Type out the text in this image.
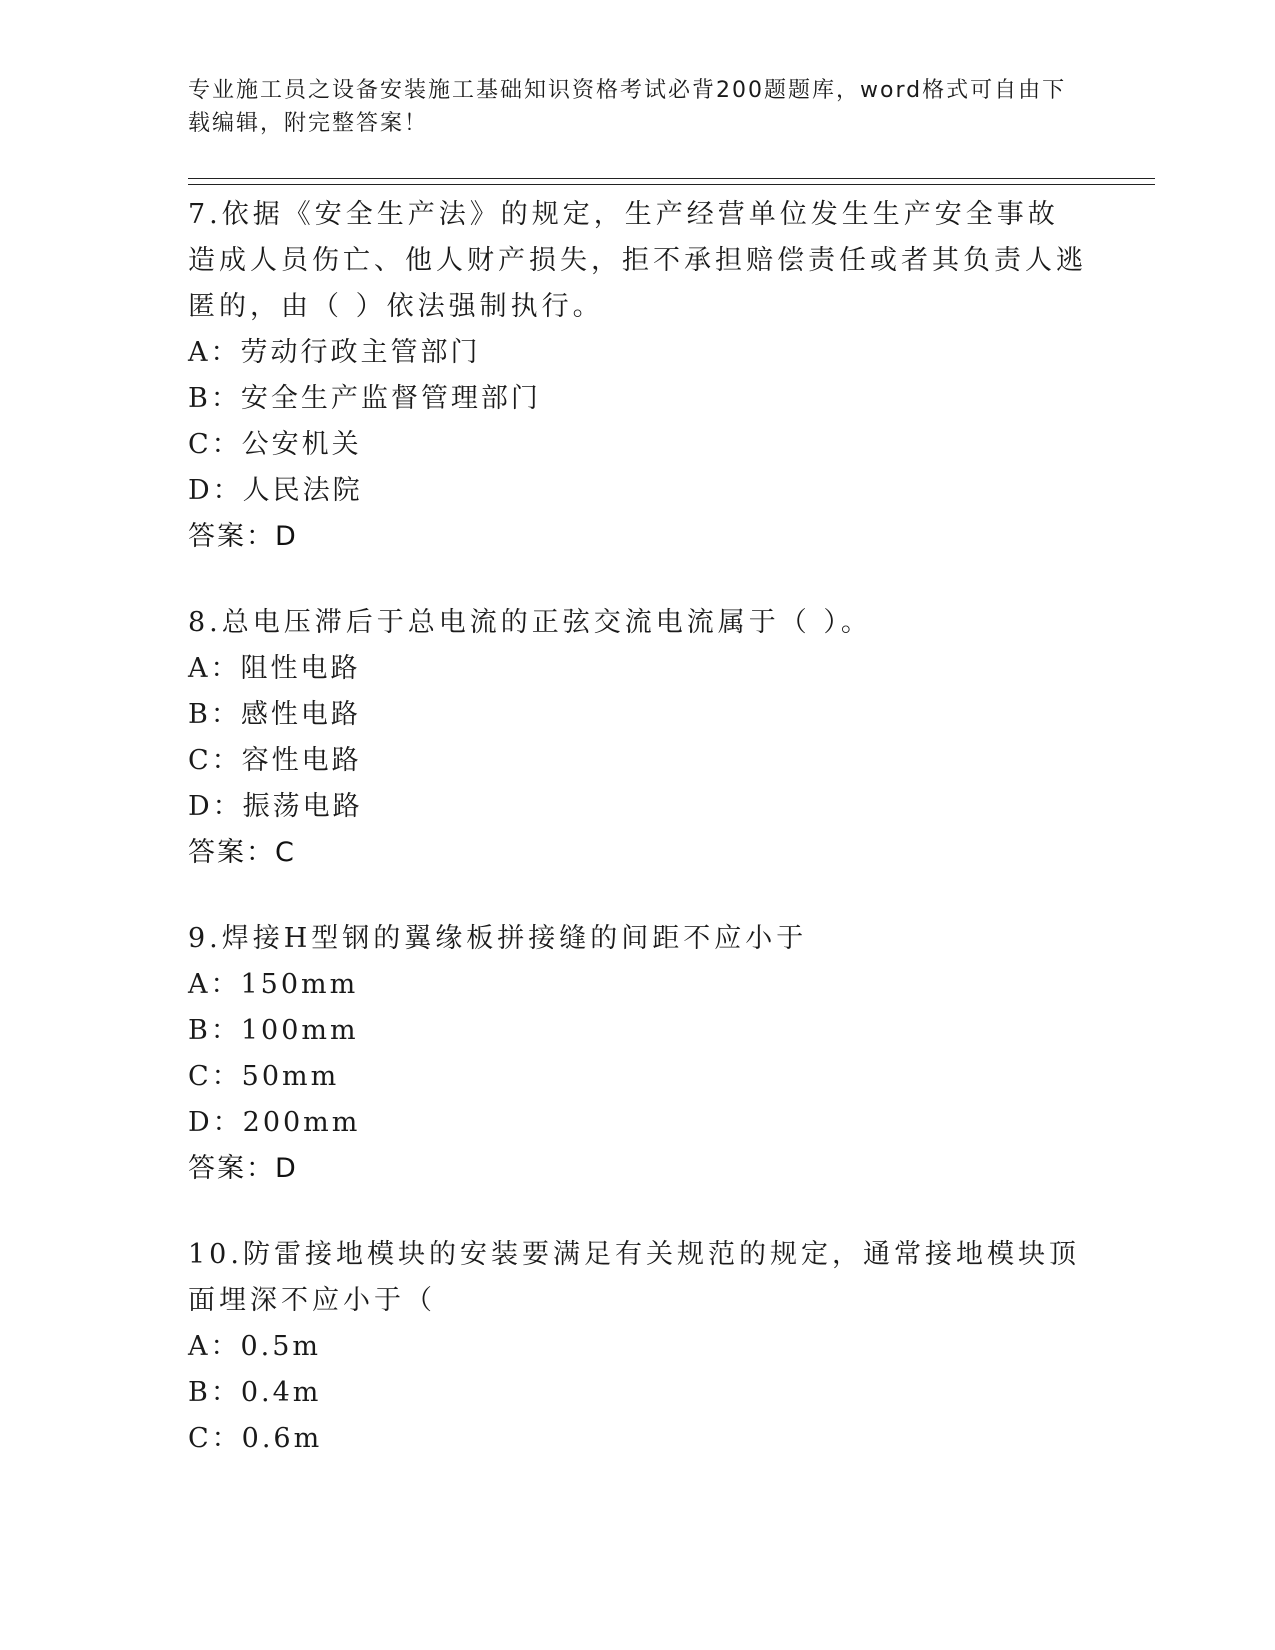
专业施工员之设备安装施工基础知识资格考试必背200题题库，word格式可自由下载编辑，附完整答案！

7.依据《安全生产法》的规定，生产经营单位发生生产安全事故造成人员伤亡、他人财产损失，拒不承担赔偿责任或者其负责人逃匿的，由（ ）依法强制执行。

A：劳动行政主管部门

B：安全生产监督管理部门

C：公安机关

D：人民法院

答案：D

8.总电压滞后于总电流的正弦交流电流属于（ ）。

A：阻性电路

B：感性电路

C：容性电路

D：振荡电路

答案：C

9.焊接H型钢的翼缘板拼接缝的间距不应小于

A：150mm

B：100mm

C：50mm

D：200mm

答案：D

10.防雷接地模块的安装要满足有关规范的规定，通常接地模块顶面埋深不应小于（

A：0.5m

B：0.4m

C：0.6m
